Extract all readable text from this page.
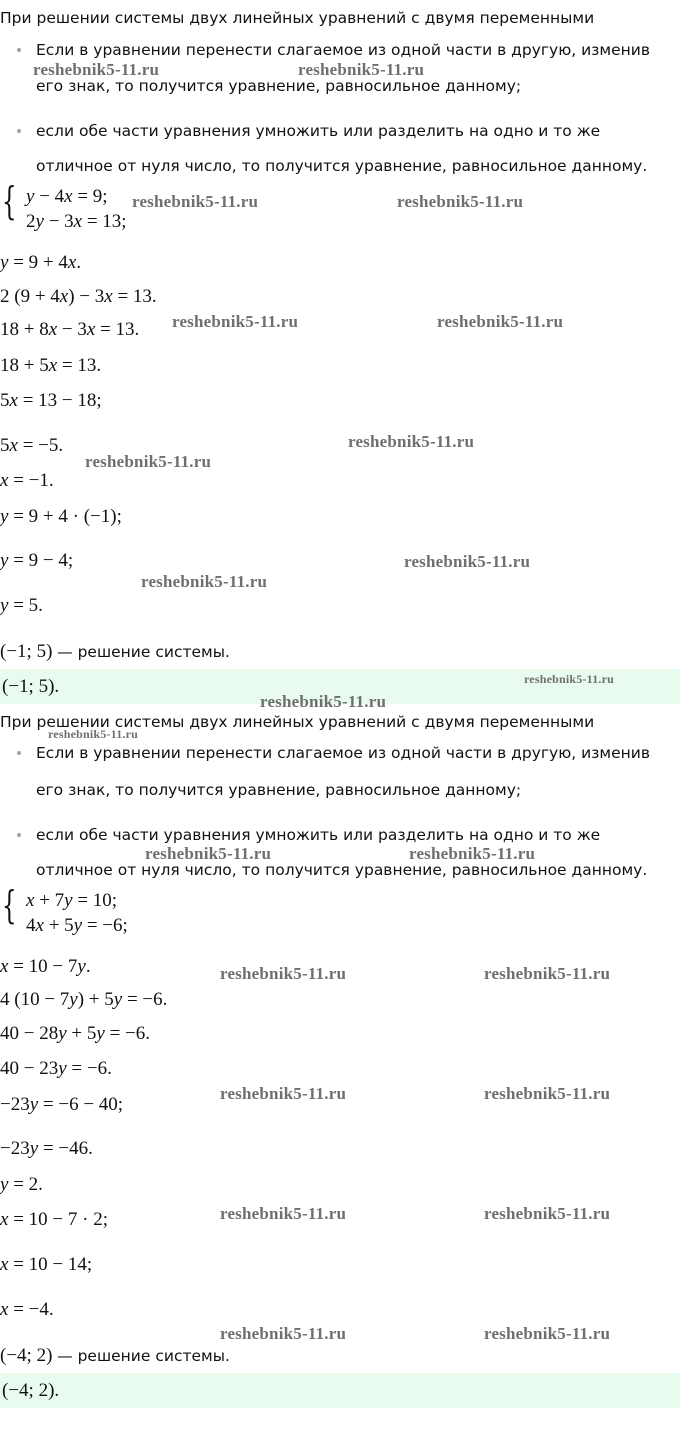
При решении системы двух линейных уравнений с двумя переменными
Если в уравнении перенести слагаемое из одной части в другую, изменив
его знак, то получится уравнение, равносильное данному;
если обе части уравнения умножить или разделить на одно и то же
отличное от нуля число, то получится уравнение, равносильное данному.
{ y − 4x = 9;
2y − 3x = 13;
y = 9 + 4x.
2 (9 + 4x) − 3x = 13.
18 + 8x − 3x = 13.
18 + 5x = 13.
5x = 13 − 18;
5x = −5.
x = −1.
y = 9 + 4 · (−1);
y = 9 − 4;
y = 5.
(−1; 5) — решение системы.
(−1; 5).
При решении системы двух линейных уравнений с двумя переменными
Если в уравнении перенести слагаемое из одной части в другую, изменив
его знак, то получится уравнение, равносильное данному;
если обе части уравнения умножить или разделить на одно и то же
отличное от нуля число, то получится уравнение, равносильное данному.
{ x + 7y = 10;
4x + 5y = −6;
x = 10 − 7y.
4 (10 − 7y) + 5y = −6.
40 − 28y + 5y = −6.
40 − 23y = −6.
−23y = −6 − 40;
−23y = −46.
y = 2.
x = 10 − 7 · 2;
x = 10 − 14;
x = −4.
(−4; 2) — решение системы.
(−4; 2).
reshebnik5-11.ru	reshebnik5-11.ru
reshebnik5-11.ru	reshebnik5-11.ru
reshebnik5-11.ru	reshebnik5-11.ru
reshebnik5-11.ru
reshebnik5-11.ru
reshebnik5-11.ru
reshebnik5-11.ru
reshebnik5-11.ru
reshebnik5-11.ru
reshebnik5-11.ru
reshebnik5-11.ru	reshebnik5-11.ru
reshebnik5-11.ru	reshebnik5-11.ru
reshebnik5-11.ru	reshebnik5-11.ru
reshebnik5-11.ru	reshebnik5-11.ru
reshebnik5-11.ru	reshebnik5-11.ru
